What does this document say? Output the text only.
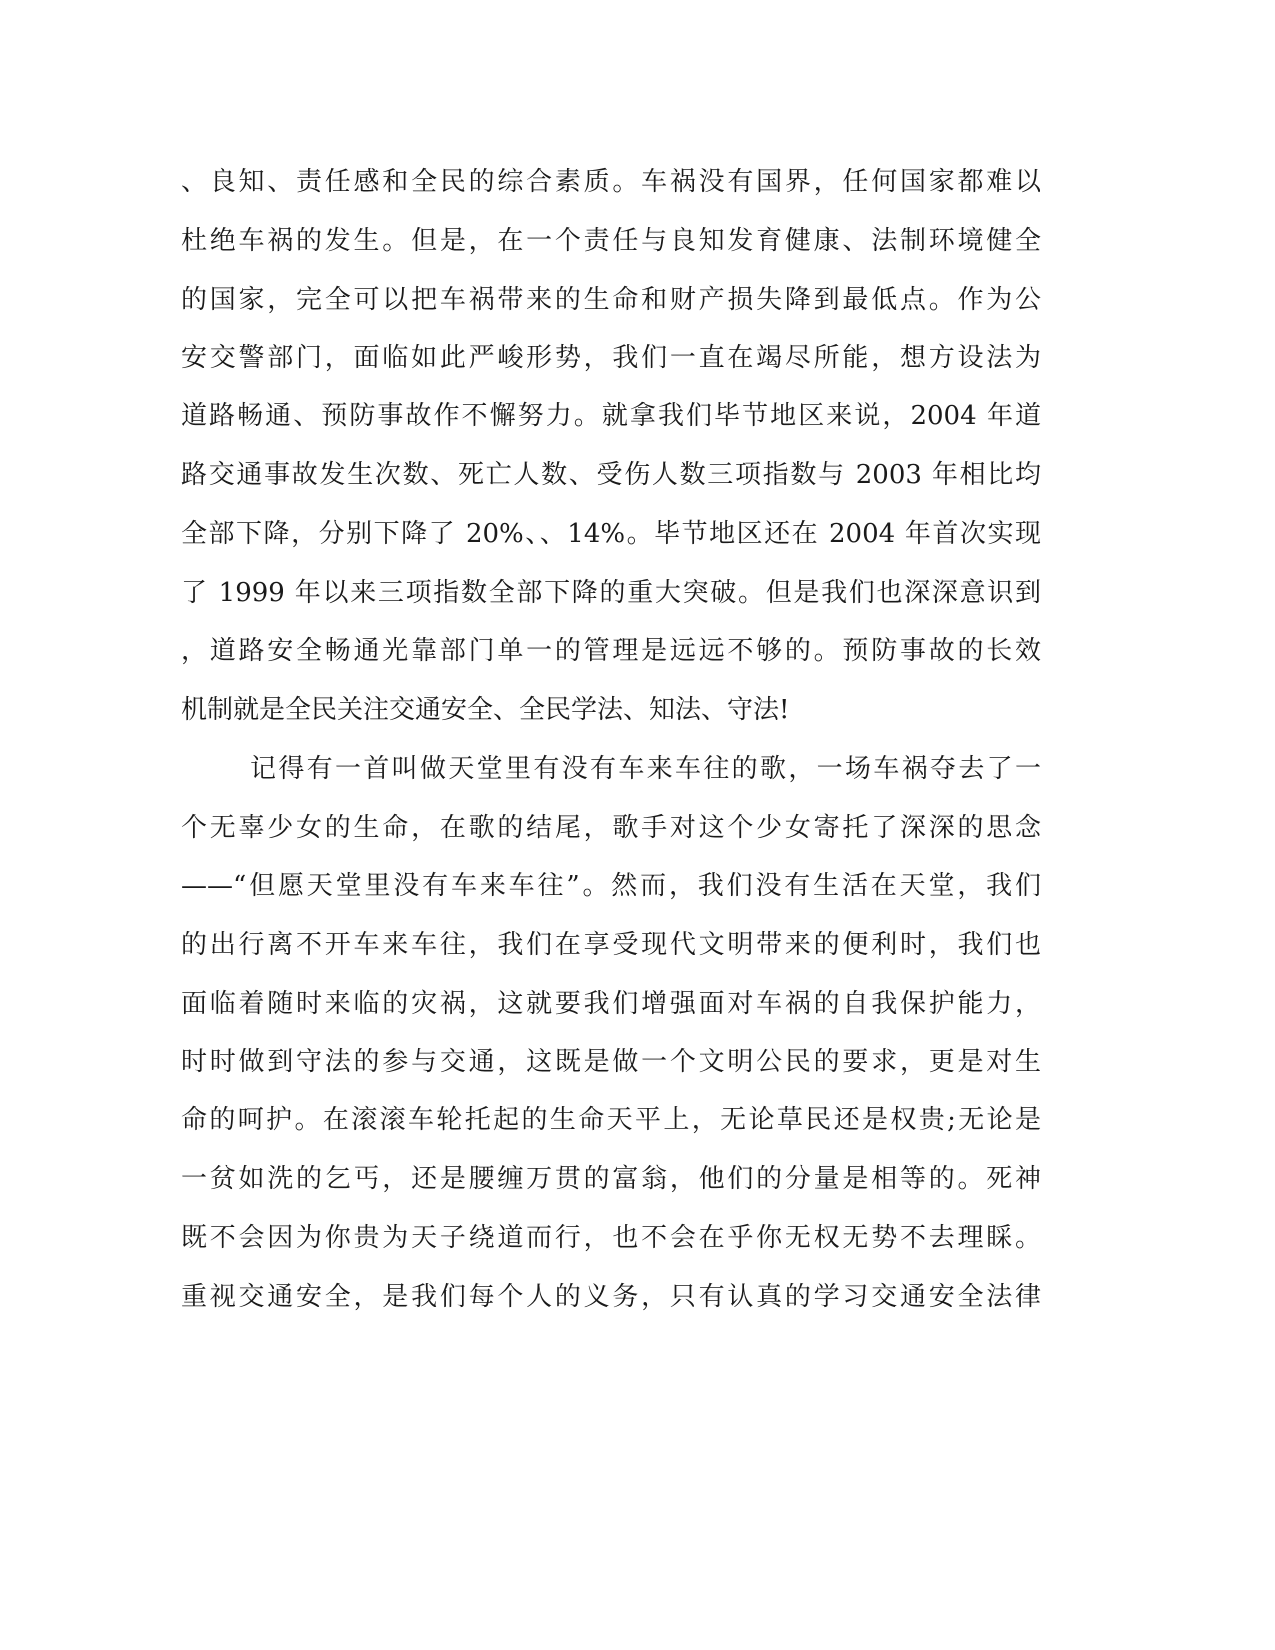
、良知、责任感和全民的综合素质。车祸没有国界，任何国家都难以
杜绝车祸的发生。但是，在一个责任与良知发育健康、法制环境健全
的国家，完全可以把车祸带来的生命和财产损失降到最低点。作为公
安交警部门，面临如此严峻形势，我们一直在竭尽所能，想方设法为
道路畅通、预防事故作不懈努力。就拿我们毕节地区来说，2004 年道
路交通事故发生次数、死亡人数、受伤人数三项指数与 2003 年相比均
全部下降，分别下降了 20%、、14%。毕节地区还在 2004 年首次实现
了 1999 年以来三项指数全部下降的重大突破。但是我们也深深意识到
，道路安全畅通光靠部门单一的管理是远远不够的。预防事故的长效
机制就是全民关注交通安全、全民学法、知法、守法!
记得有一首叫做天堂里有没有车来车往的歌，一场车祸夺去了一
个无辜少女的生命，在歌的结尾，歌手对这个少女寄托了深深的思念
——“但愿天堂里没有车来车往”。然而，我们没有生活在天堂，我们
的出行离不开车来车往，我们在享受现代文明带来的便利时，我们也
面临着随时来临的灾祸，这就要我们增强面对车祸的自我保护能力，
时时做到守法的参与交通，这既是做一个文明公民的要求，更是对生
命的呵护。在滚滚车轮托起的生命天平上，无论草民还是权贵;无论是
一贫如洗的乞丐，还是腰缠万贯的富翁，他们的分量是相等的。死神
既不会因为你贵为天子绕道而行，也不会在乎你无权无势不去理睬。
重视交通安全，是我们每个人的义务，只有认真的学习交通安全法律
